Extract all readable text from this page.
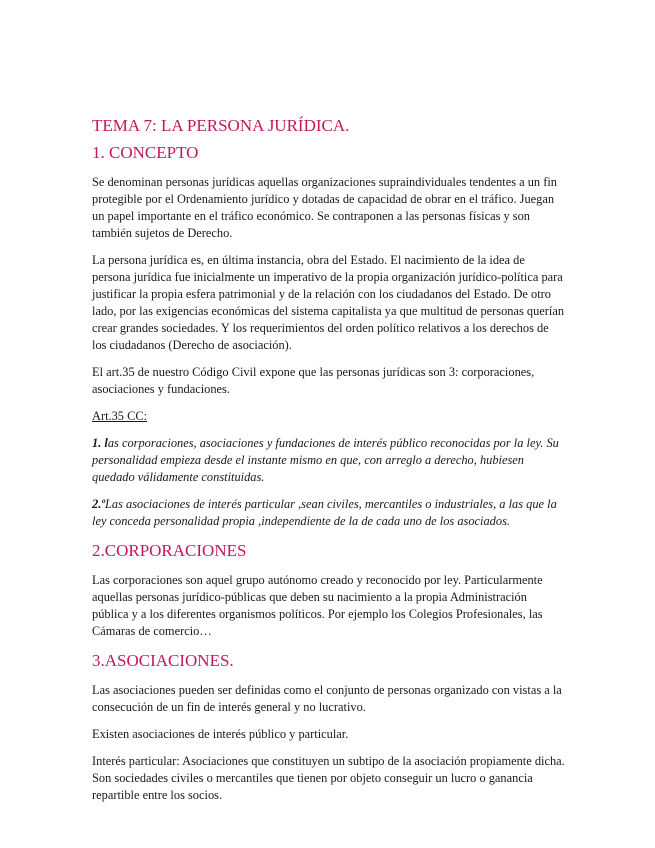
TEMA 7: LA PERSONA JURÍDICA.
1. CONCEPTO

Se denominan personas jurídicas aquellas organizaciones supraindividuales tendentes a un fin protegible por el Ordenamiento jurídico y dotadas de capacidad de obrar en el tráfico. Juegan un papel importante en el tráfico económico. Se contraponen a las personas físicas y son también sujetos de Derecho.

La persona jurídica es, en última instancia, obra del Estado. El nacimiento de la idea de persona jurídica fue inicialmente un imperativo de la propia organización jurídico-política para justificar la propia esfera patrimonial y de la relación con los ciudadanos del Estado. De otro lado, por las exigencias económicas del sistema capitalista ya que multitud de personas querían crear grandes sociedades. Y los requerimientos del orden político relativos a los derechos de los ciudadanos (Derecho de asociación).

El art.35 de nuestro Código Civil expone que las personas jurídicas son 3: corporaciones, asociaciones y fundaciones.

Art.35 CC:

1. las corporaciones, asociaciones y fundaciones de interés público reconocidas por la ley. Su personalidad empieza desde el instante mismo en que, con arreglo a derecho, hubiesen quedado válidamente constituidas.

2.ºLas asociaciones de interés particular ,sean civiles, mercantiles o industriales, a las que la ley conceda personalidad propia ,independiente de la de cada uno de los asociados.

2.CORPORACIONES

Las corporaciones son aquel grupo autónomo creado y reconocido por ley. Particularmente aquellas personas jurídico-públicas que deben su nacimiento a la propia Administración pública y a los diferentes organismos políticos. Por ejemplo los Colegios Profesionales, las Cámaras de comercio…

3.ASOCIACIONES.

Las asociaciones pueden ser definidas como el conjunto de personas organizado con vistas a la consecución de un fin de interés general y no lucrativo.

Existen asociaciones de interés público y particular.

Interés particular: Asociaciones que constituyen un subtipo de la asociación propiamente dicha. Son sociedades civiles o mercantiles que tienen por objeto conseguir un lucro o ganancia repartible entre los socios.
